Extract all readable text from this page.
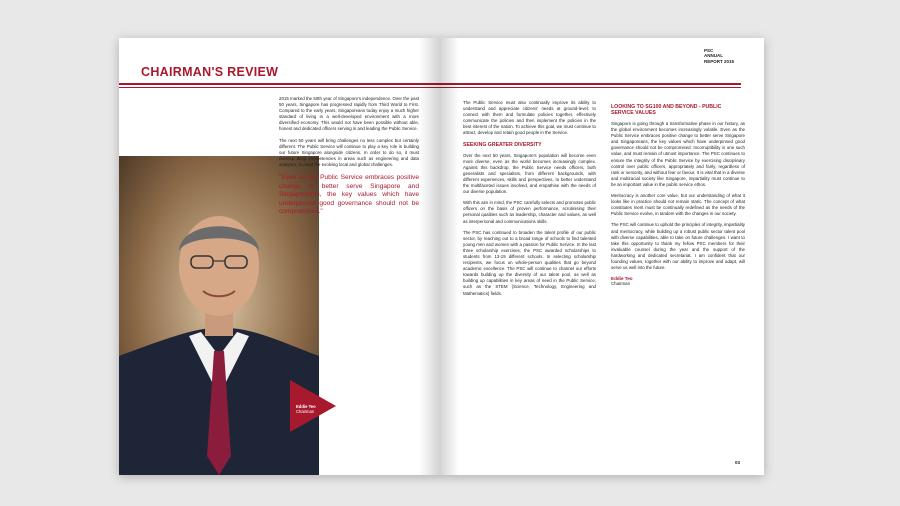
CHAIRMAN'S REVIEW
Eddie Teo
Chairman

2015 marked the 50th year of Singapore's independence. Over the past 50 years, Singapore has progressed rapidly from Third World to First. Compared to the early years, Singaporeans today enjoy a much higher standard of living in a well-developed environment with a more diversified economy. This would not have been possible without able, honest and dedicated officers serving in and leading the Public Service.

The next 50 years will bring challenges no less complex but certainly different. The Public Service will continue to play a key role in building our future Singapore alongside citizens. In order to do so, it must develop deep competencies in areas such as engineering and data analytics, to meet the evolving local and global challenges.

"Even as the Public Service embraces positive change to better serve Singapore and Singaporeans, the key values which have underpinned good governance should not be compromised."
PSC
ANNUAL
REPORT 2015

The Public Service must also continually improve its ability to understand and appreciate citizens' needs at ground-level; to connect with them and formulate policies together, effectively communicate the policies and then implement the policies in the best interest of the nation. To achieve this goal, we must continue to attract, develop and retain good people in the Service.

SEEKING GREATER DIVERSITY

Over the next 50 years, Singapore's population will become even more diverse, even as the world becomes increasingly complex. Against this backdrop, the Public Service needs officers, both generalists and specialists, from different backgrounds, with different experiences, skills and perspectives, to better understand the multifaceted issues involved, and empathise with the needs of our diverse population.

With this aim in mind, the PSC carefully selects and promotes public officers on the basis of proven performance, scrutinising their personal qualities such as leadership, character and values, as well as interpersonal and communications skills.

The PSC has continued to broaden the talent profile of our public sector, by reaching out to a broad range of schools to find talented young men and women with a passion for Public Service. In the last three scholarship exercises, the PSC awarded scholarships to students from 13-19 different schools. In selecting scholarship recipients, we focus on whole-person qualities that go beyond academic excellence. The PSC will continue to channel our efforts towards building up the diversity of our talent pool, as well as building up capabilities in key areas of need in the Public Service, such as the STEM (Science, Technology, Engineering and Mathematics) fields.

LOOKING TO SG100 AND BEYOND - PUBLIC SERVICE VALUES

Singapore is going through a transformative phase in our history, as the global environment becomes increasingly volatile. Even as the Public Service embraces positive change to better serve Singapore and Singaporeans, the key values which have underpinned good governance should not be compromised. Incorruptibility is one such value, and must remain of utmost importance. The PSC continues to ensure the integrity of the Public Service by exercising disciplinary control over public officers, appropriately and fairly, regardless of rank or seniority, and without fear or favour. It is vital that in a diverse and multiracial society like Singapore, impartiality must continue to be an important value in the public service ethos.

Meritocracy is another core value, but our understanding of what it looks like in practice should not remain static. The concept of what constitutes merit must be continually redefined as the needs of the Public Service evolve, in tandem with the changes in our society.

The PSC will continue to uphold the principles of integrity, impartiality and meritocracy, while building up a robust public sector talent pool with diverse capabilities, able to take on future challenges. I want to take this opportunity to thank my fellow PSC members for their invaluable counsel during the year and the support of the hardworking and dedicated secretariat. I am confident that our founding values, together with our ability to improve and adapt, will serve us well into the future.

Eddie Teo
Chairman
03
